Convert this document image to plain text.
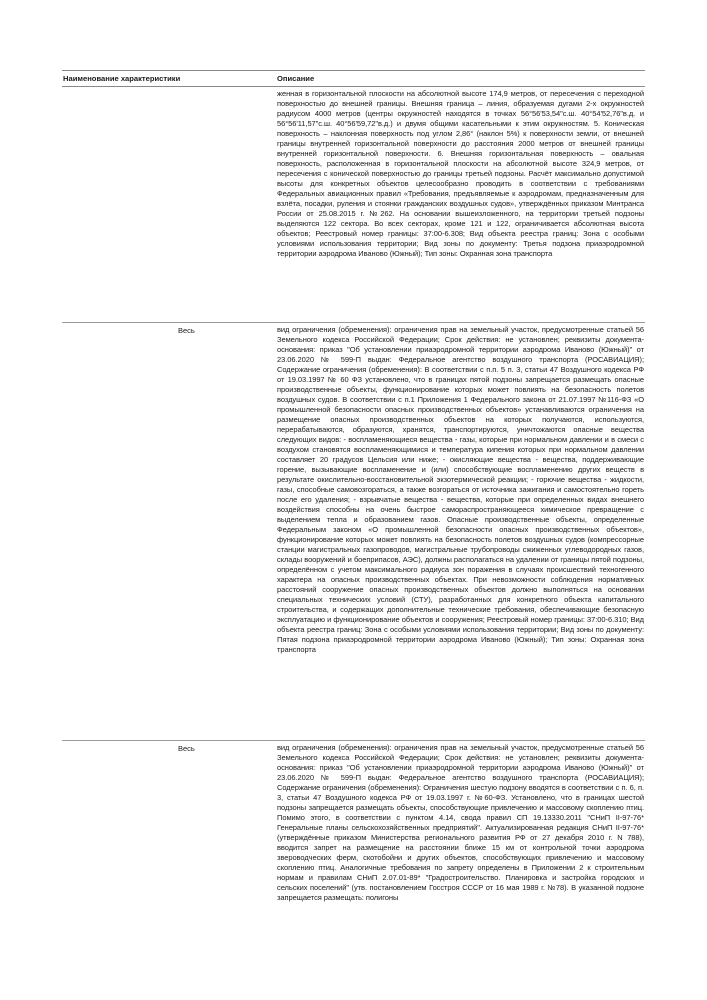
Наименование характеристики	Описание

	женная в горизонтальной плоскости на абсолютной высоте 174,9 метров, от пересечения с переходной поверхностью до внешней границы. Внешняя граница – линия, образуемая дугами 2-х окружностей радиусом 4000 метров (центры окружностей находятся в точках 56°56'53,54"с.ш. 40°54'52,76"в.д. и 56°56'11,57"с.ш. 40°56'59,72"в.д.) и двумя общими касательными к этим окружностям. 5. Коническая поверхность – наклонная поверхность под углом 2,86° (наклон 5%) к поверхности земли, от внешней границы внутренней горизонтальной поверхности до расстояния 2000 метров от внешней границы внутренней горизонтальной поверхности. 6. Внешняя горизонтальная поверхность – овальная поверхность, расположенная в горизонтальной плоскости на абсолютной высоте 324,9 метров, от пересечения с конической поверхностью до границы третьей подзоны. Расчёт максимально допустимой высоты для конкретных объектов целесообразно проводить в соответствии с требованиями Федеральных авиационных правил «Требования, предъявляемые к аэродромам, предназначенным для взлёта, посадки, руления и стоянки гражданских воздушных судов», утверждённых приказом Минтранса России от 25.08.2015 г. №262. На основании вышеизложенного, на территории третьей подзоны выделяются 122 сектора. Во всех секторах, кроме 121 и 122, ограничивается абсолютная высота объектов; Реестровый номер границы: 37:00-6.308; Вид объекта реестра границ: Зона с особыми условиями использования территории; Вид зоны по документу: Третья подзона приаэродромной территории аэродрома Иваново (Южный); Тип зоны: Охранная зона транспорта

Весь	вид ограничения (обременения): ограничения прав на земельный участок, предусмотренные статьей 56 Земельного кодекса Российской Федерации; Срок действия: не установлен; реквизиты документа-основания: приказ "Об установлении приаэродромной территории аэродрома Иваново (Южный)" от 23.06.2020 № 599-П выдан: Федеральное агентство воздушного транспорта (РОСАВИАЦИЯ); Содержание ограничения (обременения): В соответствии с п.п. 5 п. 3, статьи 47 Воздушного кодекса РФ от 19.03.1997 № 60 ФЗ установлено, что в границах пятой подзоны запрещается размещать опасные производственные объекты, функционирование которых может повлиять на безопасность полетов воздушных судов. В соответствии с п.1 Приложения 1 Федерального закона от 21.07.1997 №116-ФЗ «О промышленной безопасности опасных производственных объектов» устанавливаются ограничения на размещение опасных производственных объектов на которых получаются, используются, перерабатываются, образуются, хранятся, транспортируются, уничтожаются опасные вещества следующих видов: - воспламеняющиеся вещества - газы, которые при нормальном давлении и в смеси с воздухом становятся воспламеняющимися и температура кипения которых при нормальном давлении составляет 20 градусов Цельсия или ниже; - окисляющие вещества - вещества, поддерживающие горение, вызывающие воспламенение и (или) способствующие воспламенению других веществ в результате окислительно-восстановительной экзотермической реакции; - горючие вещества - жидкости, газы, способные самовозгораться, а также возгораться от источника зажигания и самостоятельно гореть после его удаления; - взрывчатые вещества - вещества, которые при определенных видах внешнего воздействия способны на очень быстрое самораспространяющееся химическое превращение с выделением тепла и образованием газов. Опасные производственные объекты, определенные Федеральным законом «О промышленной безопасности опасных производственных объектов», функционирование которых может повлиять на безопасность полетов воздушных судов (компрессорные станции магистральных газопроводов, магистральные трубопроводы сжиженных углеводородных газов, склады вооружений и боеприпасов, АЭС), должны располагаться на удалении от границы пятой подзоны, определённом с учетом максимального радиуса зон поражения в случаях происшествий техногенного характера на опасных производственных объектах. При невозможности соблюдения нормативных расстояний сооружение опасных производственных объектов должно выполняться на основании специальных технических условий (СТУ), разработанных для конкретного объекта капитального строительства, и содержащих дополнительные технические требования, обеспечивающие безопасную эксплуатацию и функционирование объектов и сооружения; Реестровый номер границы: 37:00-6.310; Вид объекта реестра границ: Зона с особыми условиями использования территории; Вид зоны по документу: Пятая подзона приаэродромной территории аэродрома Иваново (Южный); Тип зоны: Охранная зона транспорта

Весь	вид ограничения (обременения): ограничения прав на земельный участок, предусмотренные статьей 56 Земельного кодекса Российской Федерации; Срок действия: не установлен; реквизиты документа-основания: приказ "Об установлении приаэродромной территории аэродрома Иваново (Южный)" от 23.06.2020 № 599-П выдан: Федеральное агентство воздушного транспорта (РОСАВИАЦИЯ); Содержание ограничения (обременения): Ограничения шестую подзону вводятся в соответствии с п. 6, п. 3, статьи 47 Воздушного кодекса РФ от 19.03.1997 г. №60-ФЗ. Установлено, что в границах шестой подзоны запрещается размещать объекты, способствующие привлечению и массовому скоплению птиц. Помимо этого, в соответствии с пунктом 4.14, свода правил СП 19.13330.2011 "СНиП II-97-76* Генеральные планы сельскохозяйственных предприятий". Актуализированная редакция СНиП II-97-76* (утверждённые приказом Министерства регионального развития РФ от 27 декабря 2010 г. N 788), вводится запрет на размещение на расстоянии ближе 15 км от контрольной точки аэродрома звероводческих ферм, скотобойни и других объектов, способствующих привлечению и массовому скоплению птиц. Аналогичные требования по запрету определены в Приложении 2 к строительным нормам и правилам СНиП 2.07.01-89* "Градостроительство. Планировка и застройка городских и сельских поселений" (утв. постановлением Госстроя СССР от 16 мая 1989 г. №78). В указанной подзоне запрещается размещать: полигоны
